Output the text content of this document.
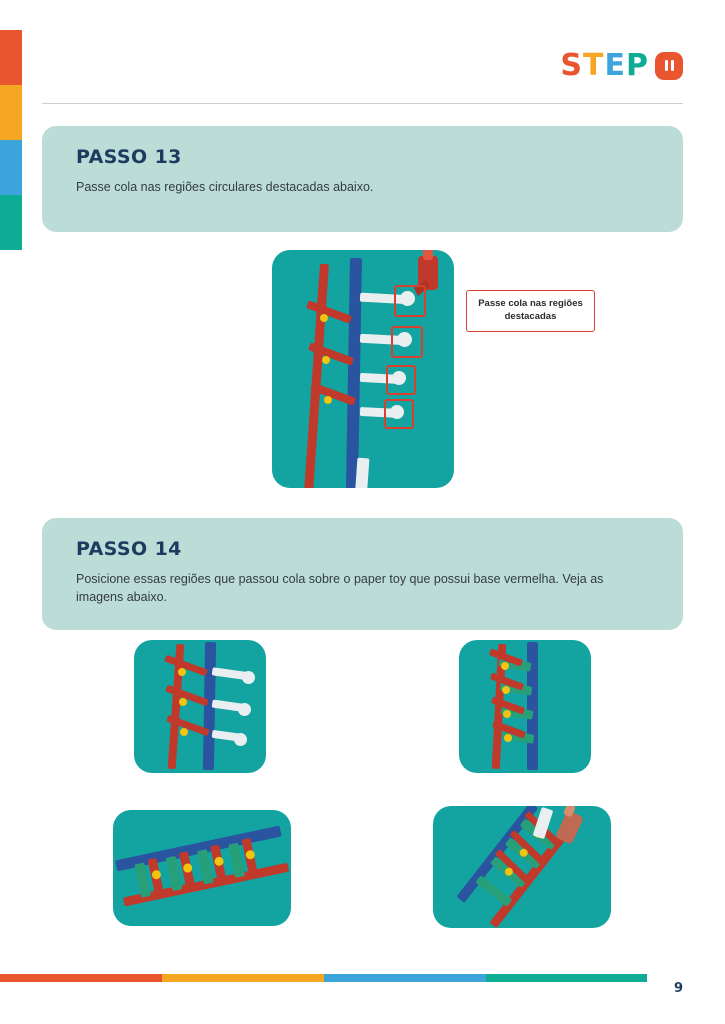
STEP

PASSO 13

Passe cola nas regiões circulares destacadas abaixo.

Passe cola nas regiões destacadas

PASSO 14

Posicione essas regiões que passou cola sobre o paper toy que possui base vermelha. Veja as imagens abaixo.

9
